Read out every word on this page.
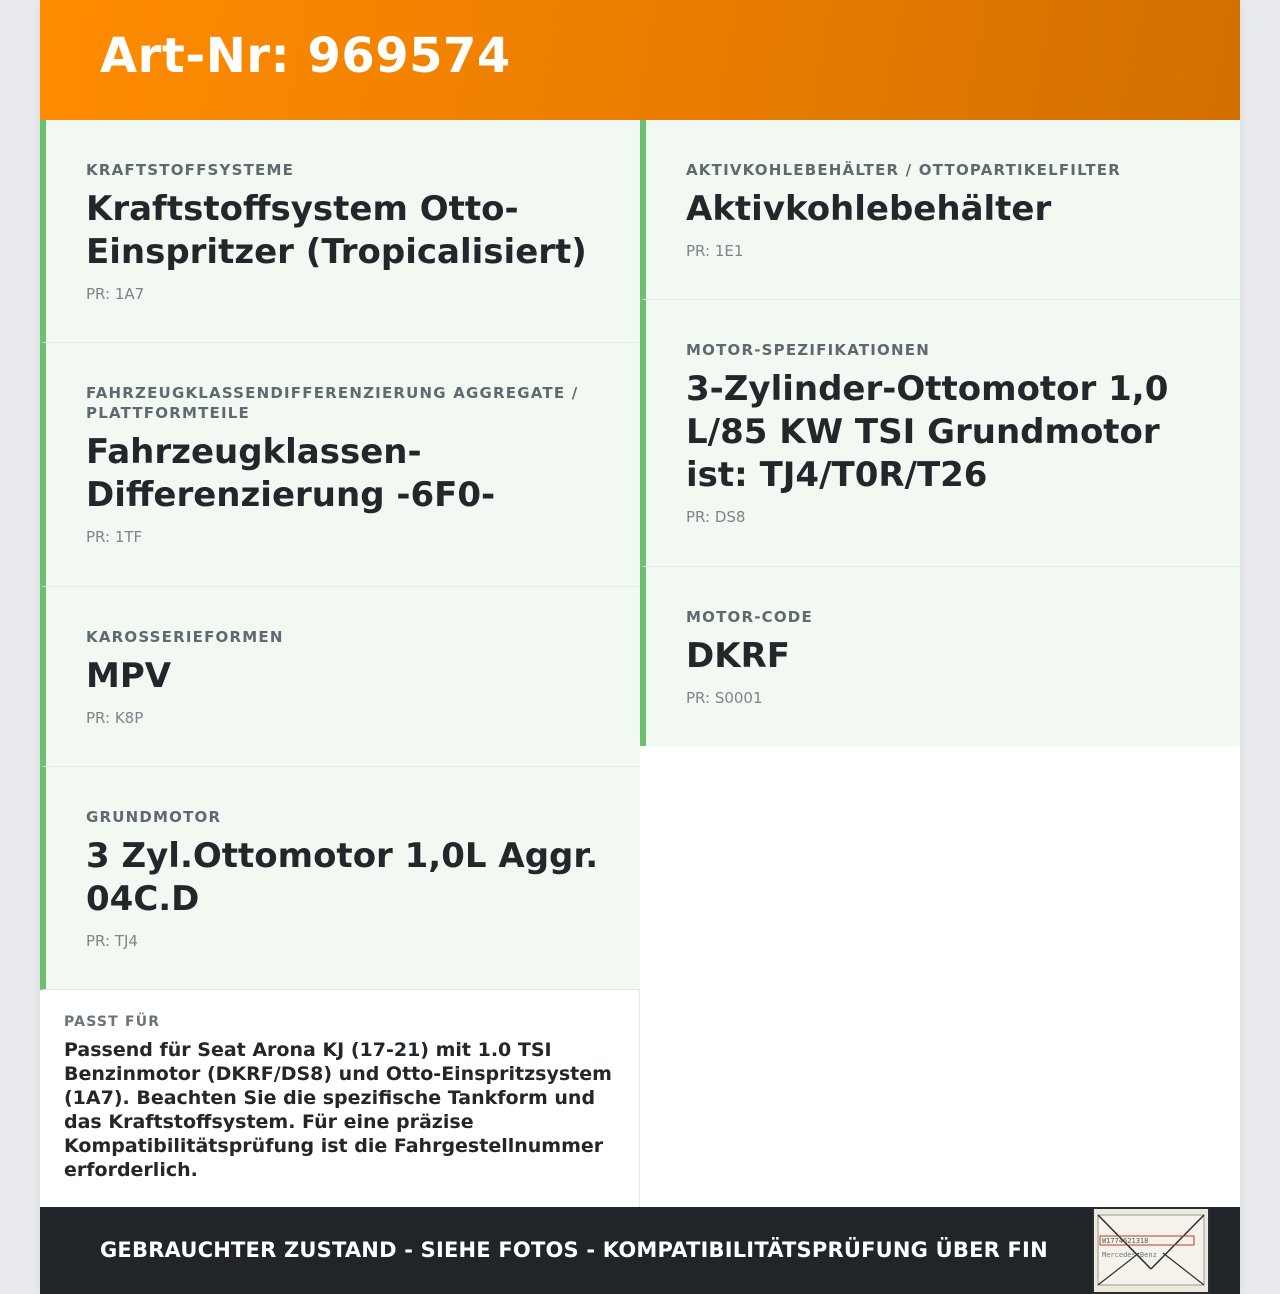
Art-Nr: 969574
KRAFTSTOFFSYSTEME
Kraftstoffsystem Otto-Einspritzer (Tropicalisiert)
PR: 1A7
FAHRZEUGKLASSENDIFFERENZIERUNG AGGREGATE / PLATTFORMTEILE
Fahrzeugklassen-Differenzierung -6F0-
PR: 1TF
KAROSSERIEFORMEN
MPV
PR: K8P
GRUNDMOTOR
3 Zyl.Ottomotor 1,0L Aggr. 04C.D
PR: TJ4
AKTIVKOHLEBEHÄLTER / OTTOPARTIKELFILTER
Aktivkohlebehälter
PR: 1E1
MOTOR-SPEZIFIKATIONEN
3-Zylinder-Ottomotor 1,0 L/85 KW TSI Grundmotor ist: TJ4/T0R/T26
PR: DS8
MOTOR-CODE
DKRF
PR: S0001
PASST FÜR
Passend für Seat Arona KJ (17-21) mit 1.0 TSI Benzinmotor (DKRF/DS8) und Otto-Einspritzsystem (1A7). Beachten Sie die spezifische Tankform und das Kraftstoffsystem. Für eine präzise Kompatibilitätsprüfung ist die Fahrgestellnummer erforderlich.
GEBRAUCHTER ZUSTAND - SIEHE FOTOS - KOMPATIBILITÄTSPRÜFUNG ÜBER FIN	W1774621318
Mercedes-Benz
